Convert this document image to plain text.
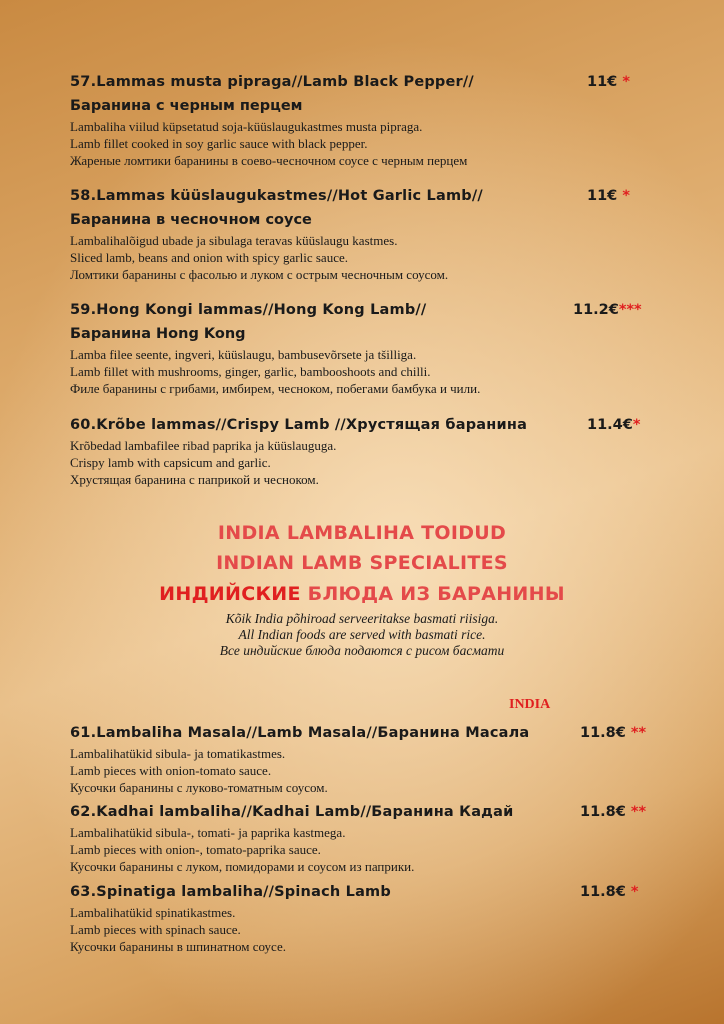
57.Lammas musta pipraga//Lamb Black Pepper//	11€ *
Баранина с черным перцем
Lambaliha viilud küpsetatud soja-küüslaugukastmes musta pipraga.
Lamb fillet cooked in soy garlic sauce with black pepper.
Жареные ломтики баранины в соево-чесночном соусе с черным перцем
58.Lammas küüslaugukastmes//Hot Garlic Lamb//	11€ *
Баранина в чесночном соусе
Lambalihalõigud ubade ja sibulaga teravas küüslaugu kastmes.
Sliced lamb, beans and onion with spicy garlic sauce.
Ломтики баранины с фасолью и луком с острым чесночным соусом.
59.Hong Kongi lammas//Hong Kong Lamb//	11.2€***
Баранина Hong Kong
Lamba filee seente, ingveri, küüslaugu, bambusevõrsete ja tšilliga.
Lamb fillet with mushrooms, ginger, garlic, bambooshoots and chilli.
Филе баранины с грибами, имбирем, чесноком, побегами бамбука и чили.
60.Krõbe lammas//Crispy Lamb //Хрустящая баранина	11.4€*
Krõbedad lambafilee ribad paprika ja küüslauguga.
Crispy lamb with capsicum and garlic.
Хрустящая баранина с паприкой и чесноком.
INDIA LAMBALIHA TOIDUD
INDIAN LAMB SPECIALITES
ИНДИЙСКИЕ БЛЮДА ИЗ БАРАНИНЫ
Kõik India põhiroad serveeritakse basmati riisiga.
All Indian foods are served with basmati rice.
Все индийские блюда подаются с рисом басмати
INDIA
61.Lambaliha Masala//Lamb Masala//Баранина Масала	11.8€ **
Lambalihatükid sibula- ja tomatikastmes.
Lamb pieces with onion-tomato sauce.
Кусочки баранины с луково-томатным соусом.
62.Kadhai lambaliha//Kadhai Lamb//Баранина Кадай	11.8€ **
Lambalihatükid sibula-, tomati- ja paprika kastmega.
Lamb pieces with onion-, tomato-paprika sauce.
Кусочки баранины с луком, помидорами и соусом из паприки.
63.Spinatiga lambaliha//Spinach Lamb	11.8€ *
Lambalihatükid spinatikastmes.
Lamb pieces with spinach sauce.
Кусочки баранины в шпинатном соусе.
